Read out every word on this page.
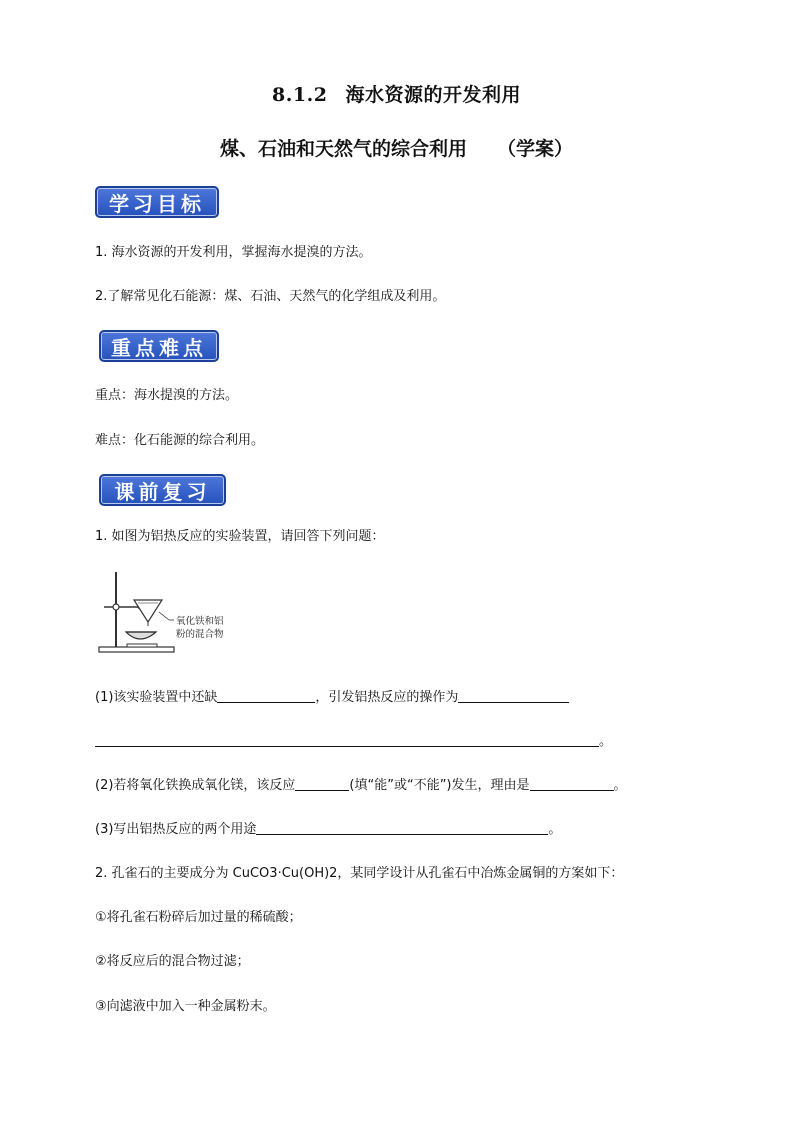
8.1.2 海水资源的开发利用
煤、石油和天然气的综合利用 （学案）
学习目标
1. 海水资源的开发利用，掌握海水提溴的方法。
2.了解常见化石能源：煤、石油、天然气的化学组成及利用。
重点难点
重点：海水提溴的方法。
难点：化石能源的综合利用。
课前复习
1. 如图为铝热反应的实验装置，请回答下列问题：
氧化铁和铝
粉的混合物
(1)该实验装置中还缺	，引发铝热反应的操作为
。
(2)若将氧化铁换成氧化镁，该反应	(填“能”或“不能”)发生，理由是	。
(3)写出铝热反应的两个用途	。
2. 孔雀石的主要成分为 CuCO3·Cu(OH)2，某同学设计从孔雀石中冶炼金属铜的方案如下：
①将孔雀石粉碎后加过量的稀硫酸；
②将反应后的混合物过滤；
③向滤液中加入一种金属粉末。
